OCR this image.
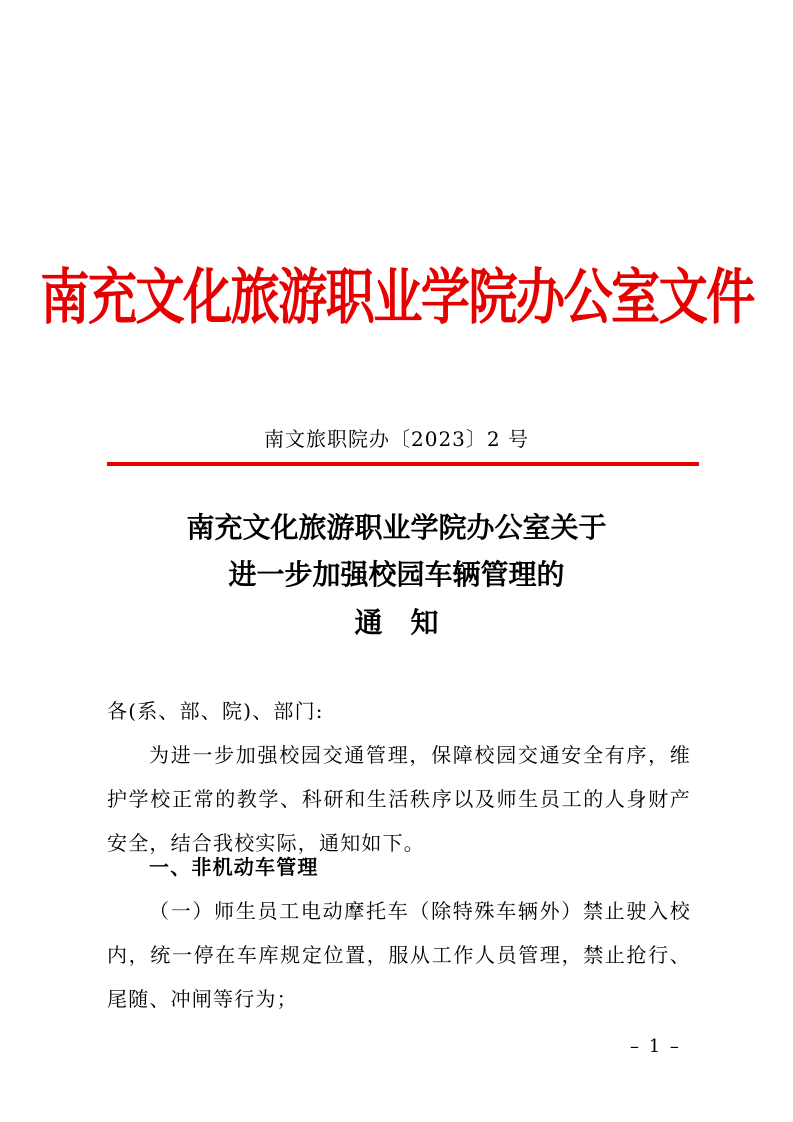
南充文化旅游职业学院办公室文件
南文旅职院办〔2023〕2 号
南充文化旅游职业学院办公室关于
进一步加强校园车辆管理的
通知
各(系、部、院)、部门:
为进一步加强校园交通管理，保障校园交通安全有序，维护学校正常的教学、科研和生活秩序以及师生员工的人身财产安全，结合我校实际，通知如下。
一、非机动车管理
（一）师生员工电动摩托车（除特殊车辆外）禁止驶入校内，统一停在车库规定位置，服从工作人员管理，禁止抢行、尾随、冲闸等行为；
– 1 –
